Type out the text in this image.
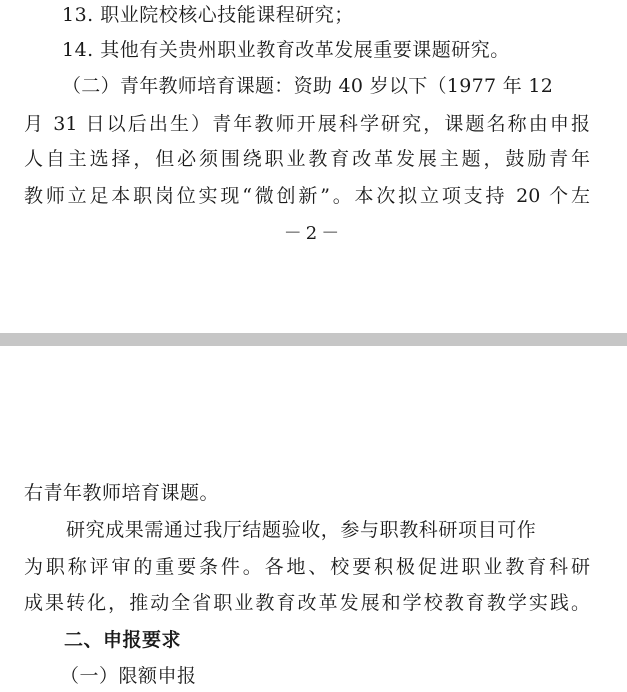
13. 职业院校核心技能课程研究；
14. 其他有关贵州职业教育改革发展重要课题研究。
（二）青年教师培育课题：资助 40 岁以下（1977 年 12
月 31 日以后出生）青年教师开展科学研究，课题名称由申报
人自主选择，但必须围绕职业教育改革发展主题，鼓励青年
教师立足本职岗位实现“微创新”。本次拟立项支持 20 个左
－2－
右青年教师培育课题。
研究成果需通过我厅结题验收，参与职教科研项目可作
为职称评审的重要条件。各地、校要积极促进职业教育科研
成果转化，推动全省职业教育改革发展和学校教育教学实践。
二、申报要求
（一）限额申报
